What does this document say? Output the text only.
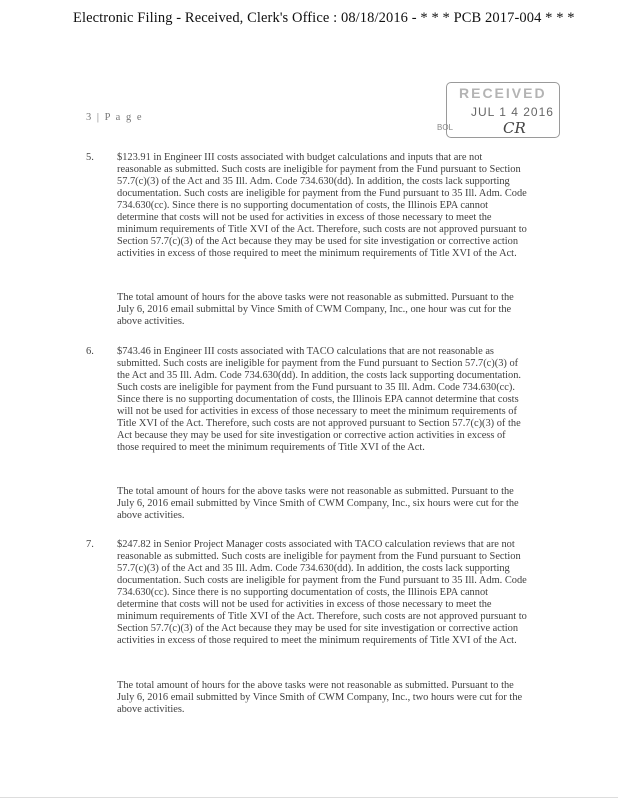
Electronic Filing - Received, Clerk's Office : 08/18/2016 - * * * PCB 2017-004 * * *
3 | P a g e
RECEIVED
JUL 1 4 2016
CR
BOL
5. $123.91 in Engineer III costs associated with budget calculations and inputs that are not reasonable as submitted. Such costs are ineligible for payment from the Fund pursuant to Section 57.7(c)(3) of the Act and 35 Ill. Adm. Code 734.630(dd). In addition, the costs lack supporting documentation. Such costs are ineligible for payment from the Fund pursuant to 35 Ill. Adm. Code 734.630(cc). Since there is no supporting documentation of costs, the Illinois EPA cannot determine that costs will not be used for activities in excess of those necessary to meet the minimum requirements of Title XVI of the Act. Therefore, such costs are not approved pursuant to Section 57.7(c)(3) of the Act because they may be used for site investigation or corrective action activities in excess of those required to meet the minimum requirements of Title XVI of the Act.
The total amount of hours for the above tasks were not reasonable as submitted. Pursuant to the July 6, 2016 email submittal by Vince Smith of CWM Company, Inc., one hour was cut for the above activities.
6. $743.46 in Engineer III costs associated with TACO calculations that are not reasonable as submitted. Such costs are ineligible for payment from the Fund pursuant to Section 57.7(c)(3) of the Act and 35 Ill. Adm. Code 734.630(dd). In addition, the costs lack supporting documentation. Such costs are ineligible for payment from the Fund pursuant to 35 Ill. Adm. Code 734.630(cc). Since there is no supporting documentation of costs, the Illinois EPA cannot determine that costs will not be used for activities in excess of those necessary to meet the minimum requirements of Title XVI of the Act. Therefore, such costs are not approved pursuant to Section 57.7(c)(3) of the Act because they may be used for site investigation or corrective action activities in excess of those required to meet the minimum requirements of Title XVI of the Act.
The total amount of hours for the above tasks were not reasonable as submitted. Pursuant to the July 6, 2016 email submitted by Vince Smith of CWM Company, Inc., six hours were cut for the above activities.
7. $247.82 in Senior Project Manager costs associated with TACO calculation reviews that are not reasonable as submitted. Such costs are ineligible for payment from the Fund pursuant to Section 57.7(c)(3) of the Act and 35 Ill. Adm. Code 734.630(dd). In addition, the costs lack supporting documentation. Such costs are ineligible for payment from the Fund pursuant to 35 Ill. Adm. Code 734.630(cc). Since there is no supporting documentation of costs, the Illinois EPA cannot determine that costs will not be used for activities in excess of those necessary to meet the minimum requirements of Title XVI of the Act. Therefore, such costs are not approved pursuant to Section 57.7(c)(3) of the Act because they may be used for site investigation or corrective action activities in excess of those required to meet the minimum requirements of Title XVI of the Act.
The total amount of hours for the above tasks were not reasonable as submitted. Pursuant to the July 6, 2016 email submitted by Vince Smith of CWM Company, Inc., two hours were cut for the above activities.
